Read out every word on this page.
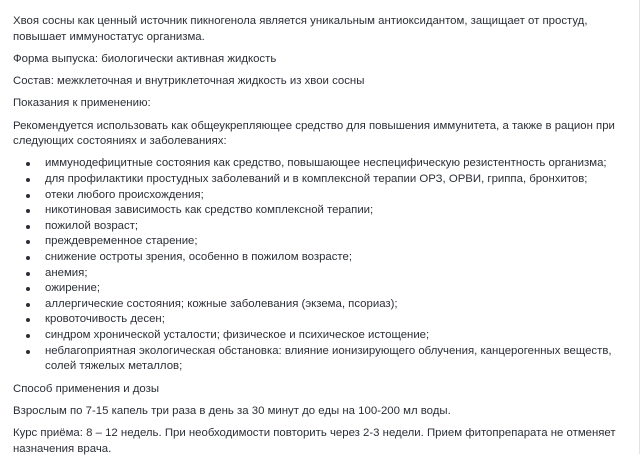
Хвоя сосны как ценный источник пикногенола является уникальным антиоксидантом, защищает от простуд, повышает иммуностатус организма.

Форма выпуска: биологически активная жидкость

Состав: межклеточная и внутриклеточная жидкость из хвои сосны

Показания к применению:

Рекомендуется использовать как общеукрепляющее средство для повышения иммунитета, а также в рацион при следующих состояниях и заболеваниях:

иммунодефицитные состояния как средство, повышающее неспецифическую резистентность организма;
для профилактики простудных заболеваний и в комплексной терапии ОРЗ, ОРВИ, гриппа, бронхитов;
отеки любого происхождения;
никотиновая зависимость как средство комплексной терапии;
пожилой возраст;
преждевременное старение;
снижение остроты зрения, особенно в пожилом возрасте;
анемия;
ожирение;
аллергические состояния; кожные заболевания (экзема, псориаз);
кровоточивость десен;
синдром хронической усталости; физическое и психическое истощение;
неблагоприятная экологическая обстановка: влияние ионизирующего облучения, канцерогенных веществ, солей тяжелых металлов;

Способ применения и дозы

Взрослым по 7-15 капель три раза в день за 30 минут до еды на 100-200 мл воды.

Курс приёма: 8 – 12 недель. При необходимости повторить через 2-3 недели. Прием фитопрепарата не отменяет назначения врача.
